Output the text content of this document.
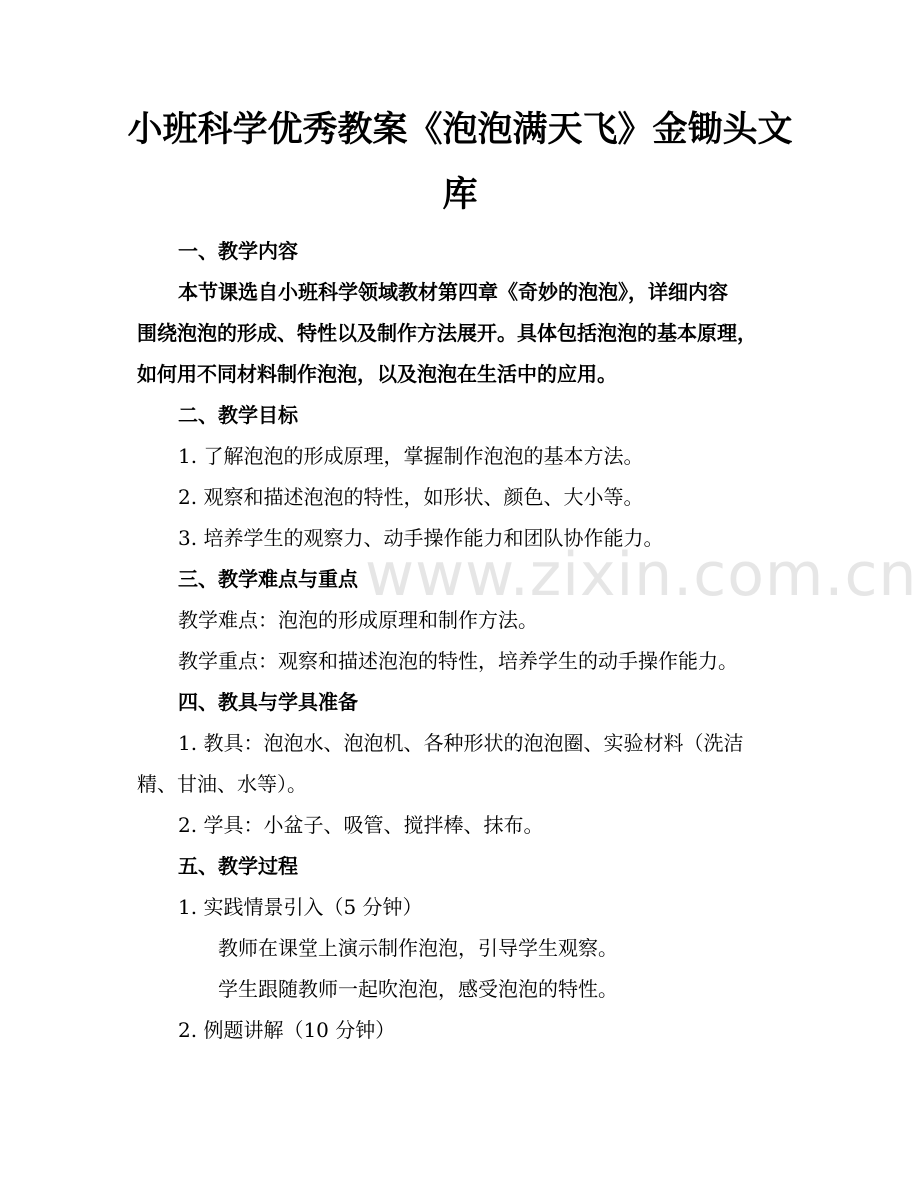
www.zixin.com.cn
小班科学优秀教案《泡泡满天飞》金锄头文
库
一、教学内容
本节课选自小班科学领域教材第四章《奇妙的泡泡》，详细内容
围绕泡泡的形成、特性以及制作方法展开。具体包括泡泡的基本原理，
如何用不同材料制作泡泡，以及泡泡在生活中的应用。
二、教学目标
1. 了解泡泡的形成原理，掌握制作泡泡的基本方法。
2. 观察和描述泡泡的特性，如形状、颜色、大小等。
3. 培养学生的观察力、动手操作能力和团队协作能力。
三、教学难点与重点
教学难点：泡泡的形成原理和制作方法。
教学重点：观察和描述泡泡的特性，培养学生的动手操作能力。
四、教具与学具准备
1. 教具：泡泡水、泡泡机、各种形状的泡泡圈、实验材料（洗洁
精、甘油、水等）。
2. 学具：小盆子、吸管、搅拌棒、抹布。
五、教学过程
1. 实践情景引入（5 分钟）
教师在课堂上演示制作泡泡，引导学生观察。
学生跟随教师一起吹泡泡，感受泡泡的特性。
2. 例题讲解（10 分钟）
